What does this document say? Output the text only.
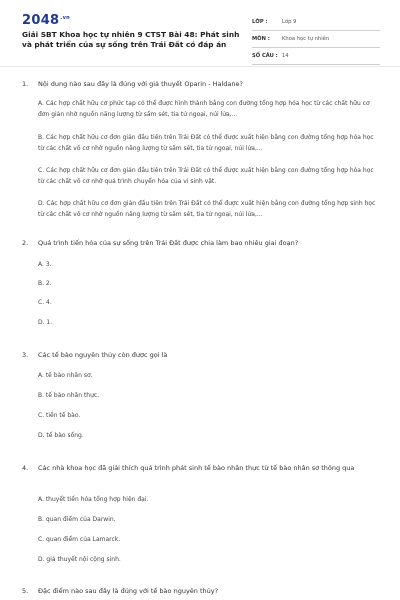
$2048^{.vn}$
Giải SBT Khoa học tự nhiên 9 CTST Bài 48: Phát sinh và phát triển của sự sống trên Trái Đất có đáp án
LỚP :	Lớp 9
MÔN :	Khoa học tự nhiên
SỐ CÂU : 14
1.	Nội dung nào sau đây là đúng với giả thuyết Oparin - Haldane?
A. Các hợp chất hữu cơ phức tạp có thể được hình thành bằng con đường tổng hợp hóa học từ các chất hữu cơ đơn giản nhờ nguồn năng lượng từ sấm sét, tia tử ngoại, núi lửa,...
B. Các hợp chất hữu cơ đơn giản đầu tiên trên Trái Đất có thể được xuất hiện bằng con đường tổng hợp hóa học từ các chất vô cơ nhờ nguồn năng lượng từ sấm sét, tia tử ngoại, núi lửa,...
C. Các hợp chất hữu cơ đơn giản đầu tiên trên Trái Đất có thể được xuất hiện bằng con đường tổng hợp hóa học từ các chất vô cơ nhờ quá trình chuyển hóa của vi sinh vật.
D. Các hợp chất hữu cơ đơn giản đầu tiên trên Trái Đất có thể được xuất hiện bằng con đường tổng hợp sinh học từ các chất vô cơ nhờ nguồn năng lượng từ sấm sét, tia tử ngoại, núi lửa,...
2.	Quá trình tiến hóa của sự sống trên Trái Đất được chia làm bao nhiêu giai đoạn?
A. 3.
B. 2.
C. 4.
D. 1.
3.	Các tế bào nguyên thủy còn được gọi là
A. tế bào nhân sơ.
B. tế bào nhân thực.
C. tiền tế bào.
D. tế bào sống.
4.	Các nhà khoa học đã giải thích quá trình phát sinh tế bào nhân thực từ tế bào nhân sơ thông qua
A. thuyết tiến hóa tổng hợp hiện đại.
B. quan điểm của Darwin.
C. quan điểm của Lamarck.
D. giả thuyết nội cộng sinh.
5.	Đặc điểm nào sau đây là đúng với tế bào nguyên thủy?
